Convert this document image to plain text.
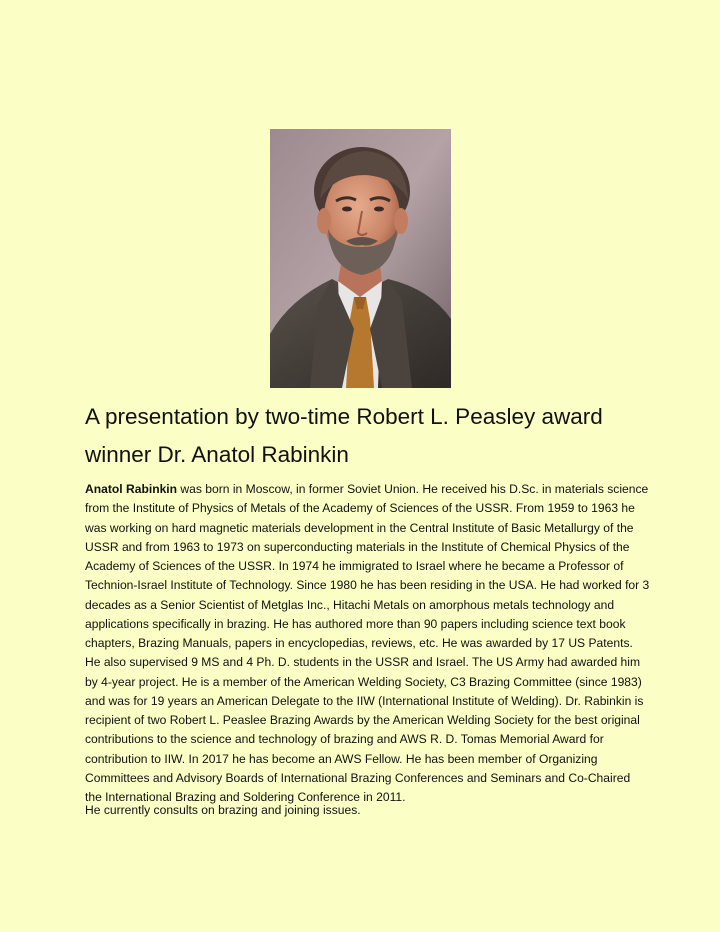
A presentation by two-time Robert L. Peasley award winner Dr. Anatol Rabinkin

Anatol Rabinkin was born in Moscow, in former Soviet Union. He received his D.Sc. in materials science from the Institute of Physics of Metals of the Academy of Sciences of the USSR. From 1959 to 1963 he was working on hard magnetic materials development in the Central Institute of Basic Metallurgy of the USSR and from 1963 to 1973 on superconducting materials in the Institute of Chemical Physics of the Academy of Sciences of the USSR. In 1974 he immigrated to Israel where he became a Professor of Technion-Israel Institute of Technology. Since 1980 he has been residing in the USA. He had worked for 3 decades as a Senior Scientist of Metglas Inc., Hitachi Metals on amorphous metals technology and applications specifically in brazing. He has authored more than 90 papers including science text book chapters, Brazing Manuals, papers in encyclopedias, reviews, etc. He was awarded by 17 US Patents. He also supervised 9 MS and 4 Ph. D. students in the USSR and Israel. The US Army had awarded him by 4-year project. He is a member of the American Welding Society, C3 Brazing Committee (since 1983) and was for 19 years an American Delegate to the IIW (International Institute of Welding). Dr. Rabinkin is recipient of two Robert L. Peaslee Brazing Awards by the American Welding Society for the best original contributions to the science and technology of brazing and AWS R. D. Tomas Memorial Award for contribution to IIW. In 2017 he has become an AWS Fellow. He has been member of Organizing Committees and Advisory Boards of International Brazing Conferences and Seminars and Co-Chaired the International Brazing and Soldering Conference in 2011.

He currently consults on brazing and joining issues.
